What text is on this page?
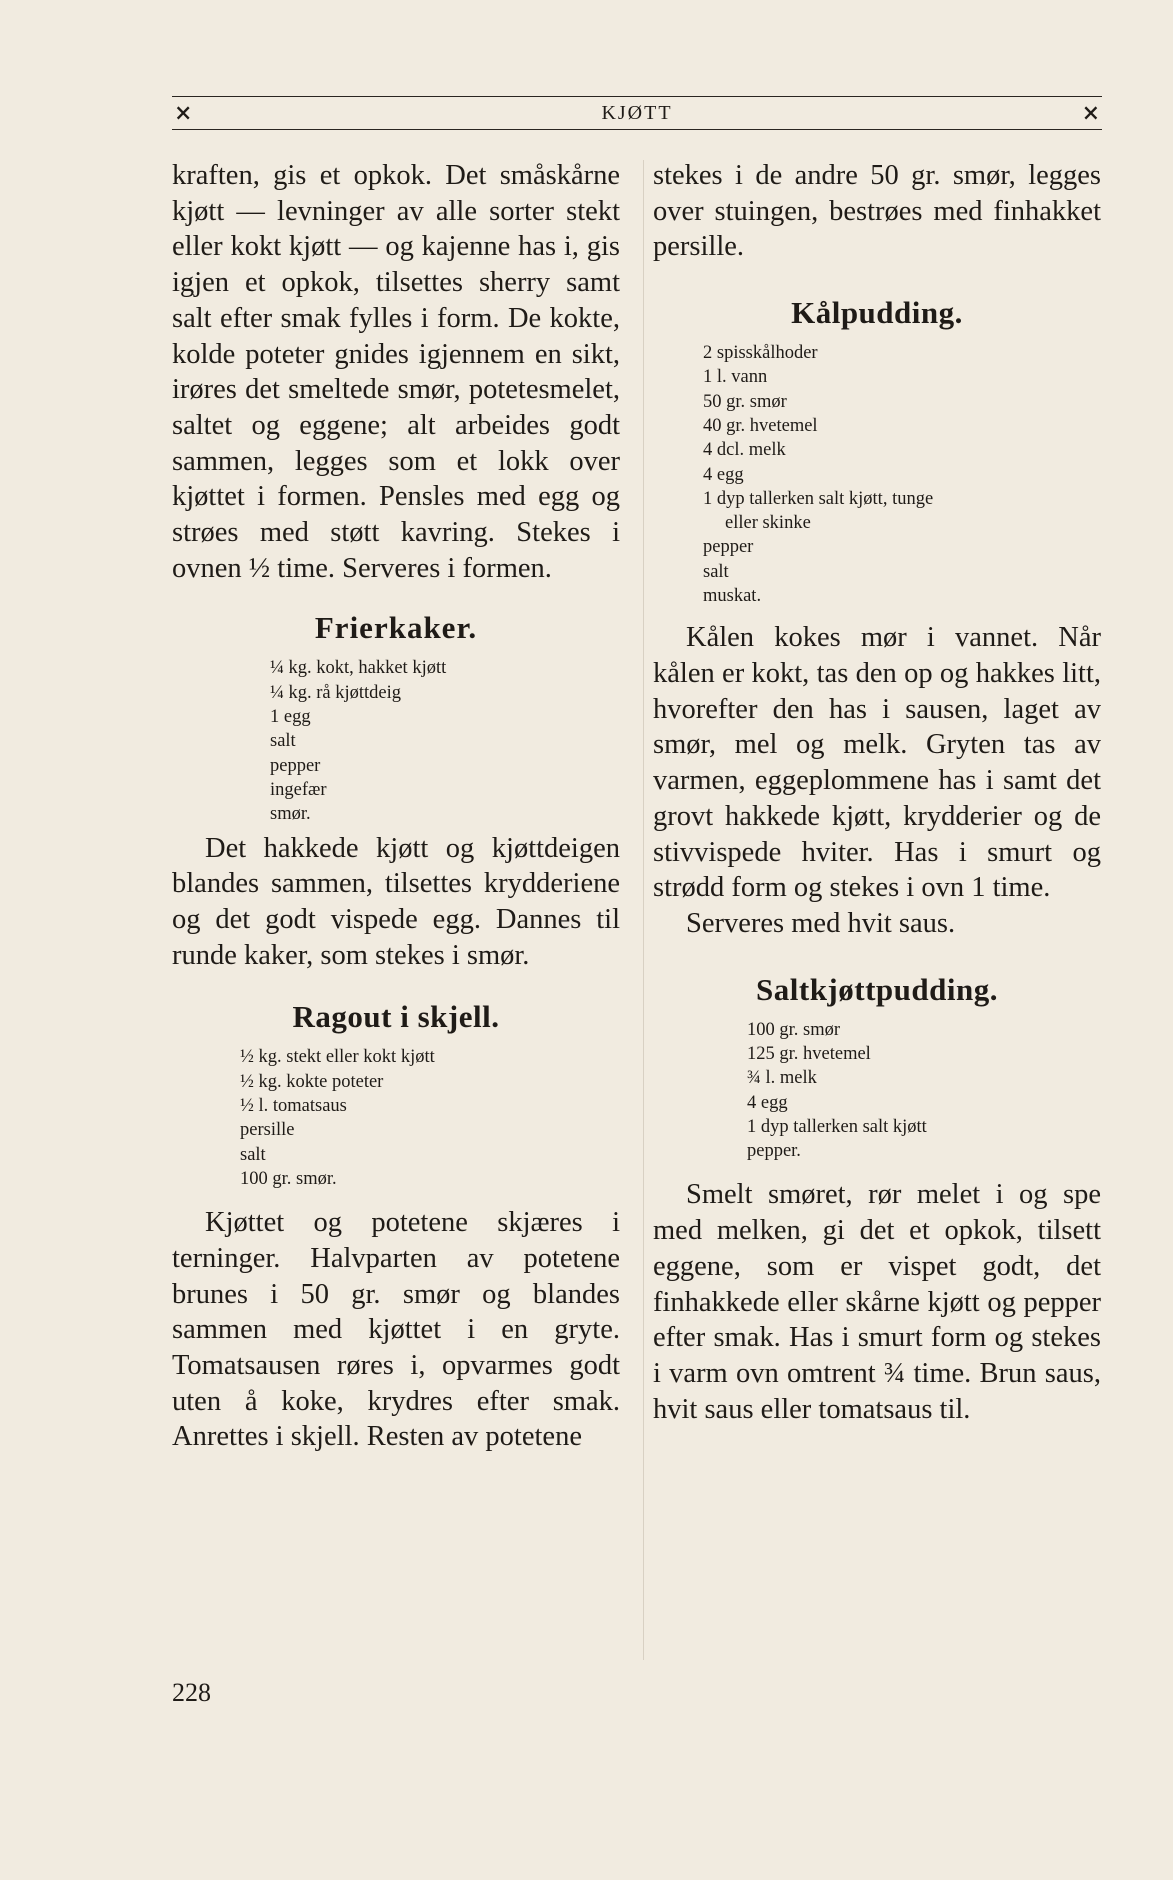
×	KJØTT	×

kraften, gis et opkok. Det småskårne kjøtt — levninger av alle sorter stekt eller kokt kjøtt — og kajenne has i, gis igjen et opkok, tilsettes sherry samt salt efter smak fylles i form. De kokte, kolde poteter gnides igjennem en sikt, irøres det smeltede smør, potetesmelet, saltet og eggene; alt arbeides godt sammen, legges som et lokk over kjøttet i formen. Pensles med egg og strøes med støtt kavring. Stekes i ovnen ½ time. Serveres i formen.

Frierkaker.
¼ kg. kokt, hakket kjøtt
¼ kg. rå kjøttdeig
1 egg
salt
pepper
ingefær
smør.

Det hakkede kjøtt og kjøttdeigen blandes sammen, tilsettes krydderiene og det godt vispede egg. Dannes til runde kaker, som stekes i smør.

Ragout i skjell.
½ kg. stekt eller kokt kjøtt
½ kg. kokte poteter
½ l. tomatsaus
persille
salt
100 gr. smør.

Kjøttet og potetene skjæres i terninger. Halvparten av potetene brunes i 50 gr. smør og blandes sammen med kjøttet i en gryte. Tomatsausen røres i, opvarmes godt uten å koke, krydres efter smak. Anrettes i skjell. Resten av potetene

stekes i de andre 50 gr. smør, legges over stuingen, bestrøes med finhakket persille.

Kålpudding.
2 spisskålhoder
1 l. vann
50 gr. smør
40 gr. hvetemel
4 dcl. melk
4 egg
1 dyp tallerken salt kjøtt, tunge
eller skinke
pepper
salt
muskat.

Kålen kokes mør i vannet. Når kålen er kokt, tas den op og hakkes litt, hvorefter den has i sausen, laget av smør, mel og melk. Gryten tas av varmen, eggeplommene has i samt det grovt hakkede kjøtt, krydderier og de stivvispede hviter. Has i smurt og strødd form og stekes i ovn 1 time.

Serveres med hvit saus.

Saltkjøttpudding.
100 gr. smør
125 gr. hvetemel
¾ l. melk
4 egg
1 dyp tallerken salt kjøtt
pepper.

Smelt smøret, rør melet i og spe med melken, gi det et opkok, tilsett eggene, som er vispet godt, det finhakkede eller skårne kjøtt og pepper efter smak. Has i smurt form og stekes i varm ovn omtrent ¾ time. Brun saus, hvit saus eller tomatsaus til.

228
